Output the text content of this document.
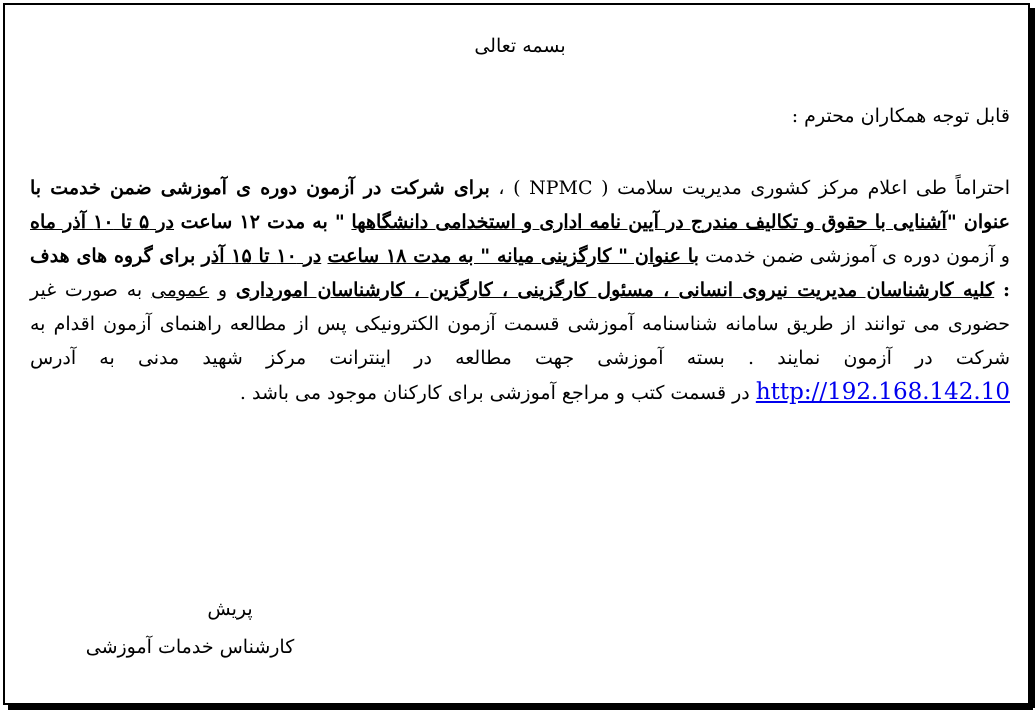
بسمه تعالی
قابل توجه همکاران محترم :
احتراماً طی اعلام مرکز کشوری مدیریت سلامت ( NPMC ) ، برای شرکت در آزمون دوره ی آموزشی ضمن خدمت با عنوان "آشنایی با حقوق و تکالیف مندرج در آیین نامه اداری و استخدامی دانشگاهها " به مدت ۱۲ ساعت در ۵ تا ۱۰ آذر ماه و آزمون دوره ی آموزشی ضمن خدمت با عنوان " کارگزینی میانه " به مدت ۱۸ ساعت در ۱۰ تا ۱۵ آذر برای گروه های هدف : کلیه کارشناسان مدیریت نیروی انسانی ، مسئول کارگزینی ، کارگزین ، کارشناسان امورداری و عمومی به صورت غیر حضوری می توانند از طریق سامانه شناسنامه آموزشی قسمت آزمون الکترونیکی پس از مطالعه راهنمای آزمون اقدام به شرکت در آزمون نمایند . بسته آموزشی جهت مطالعه در اینترانت مرکز شهید مدنی به آدرس http://192.168.142.10 در قسمت کتب و مراجع آموزشی برای کارکنان موجود می باشد .
پریش
کارشناس خدمات آموزشی
